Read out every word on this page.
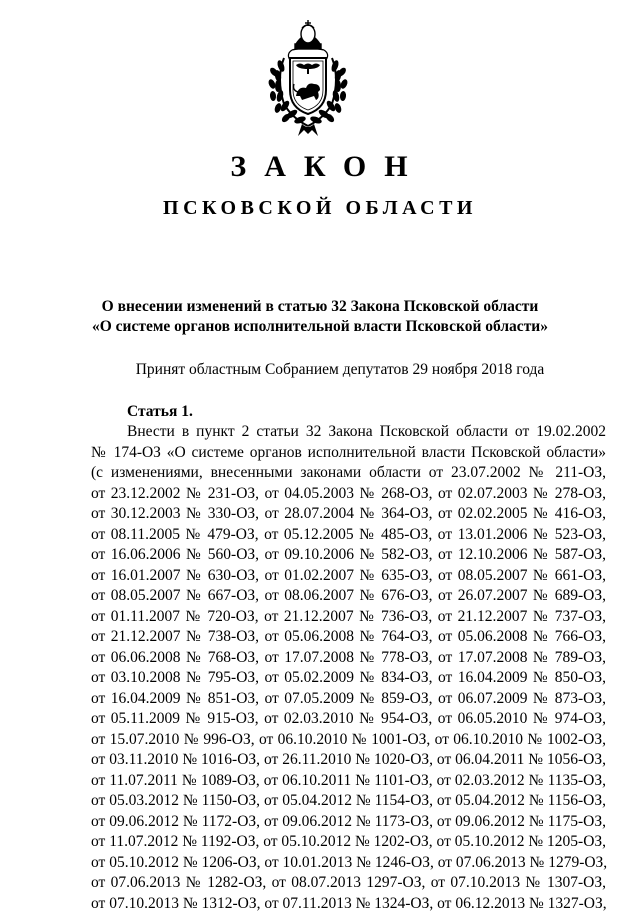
ЗАКОН
ПСКОВСКОЙ ОБЛАСТИ
О внесении изменений в статью 32 Закона Псковской области
«О системе органов исполнительной власти Псковской области»
Принят областным Собранием депутатов 29 ноября 2018 года
Статья 1.
Внести в пункт 2 статьи 32 Закона Псковской области от 19.02.2002
№ 174-ОЗ «О системе органов исполнительной власти Псковской области»
(с изменениями, внесенными законами области от 23.07.2002 № 211-ОЗ,
от 23.12.2002 № 231-ОЗ, от 04.05.2003 № 268-ОЗ, от 02.07.2003 № 278-ОЗ,
от 30.12.2003 № 330-ОЗ, от 28.07.2004 № 364-ОЗ, от 02.02.2005 № 416-ОЗ,
от 08.11.2005 № 479-ОЗ, от 05.12.2005 № 485-ОЗ, от 13.01.2006 № 523-ОЗ,
от 16.06.2006 № 560-ОЗ, от 09.10.2006 № 582-ОЗ, от 12.10.2006 № 587-ОЗ,
от 16.01.2007 № 630-ОЗ, от 01.02.2007 № 635-ОЗ, от 08.05.2007 № 661-ОЗ,
от 08.05.2007 № 667-ОЗ, от 08.06.2007 № 676-ОЗ, от 26.07.2007 № 689-ОЗ,
от 01.11.2007 № 720-ОЗ, от 21.12.2007 № 736-ОЗ, от 21.12.2007 № 737-ОЗ,
от 21.12.2007 № 738-ОЗ, от 05.06.2008 № 764-ОЗ, от 05.06.2008 № 766-ОЗ,
от 06.06.2008 № 768-ОЗ, от 17.07.2008 № 778-ОЗ, от 17.07.2008 № 789-ОЗ,
от 03.10.2008 № 795-ОЗ, от 05.02.2009 № 834-ОЗ, от 16.04.2009 № 850-ОЗ,
от 16.04.2009 № 851-ОЗ, от 07.05.2009 № 859-ОЗ, от 06.07.2009 № 873-ОЗ,
от 05.11.2009 № 915-ОЗ, от 02.03.2010 № 954-ОЗ, от 06.05.2010 № 974-ОЗ,
от 15.07.2010 № 996-ОЗ, от 06.10.2010 № 1001-ОЗ, от 06.10.2010 № 1002-ОЗ,
от 03.11.2010 № 1016-ОЗ, от 26.11.2010 № 1020-ОЗ, от 06.04.2011 № 1056-ОЗ,
от 11.07.2011 № 1089-ОЗ, от 06.10.2011 № 1101-ОЗ, от 02.03.2012 № 1135-ОЗ,
от 05.03.2012 № 1150-ОЗ, от 05.04.2012 № 1154-ОЗ, от 05.04.2012 № 1156-ОЗ,
от 09.06.2012 № 1172-ОЗ, от 09.06.2012 № 1173-ОЗ, от 09.06.2012 № 1175-ОЗ,
от 11.07.2012 № 1192-ОЗ, от 05.10.2012 № 1202-ОЗ, от 05.10.2012 № 1205-ОЗ,
от 05.10.2012 № 1206-ОЗ, от 10.01.2013 № 1246-ОЗ, от 07.06.2013 № 1279-ОЗ,
от 07.06.2013 № 1282-ОЗ, от 08.07.2013 1297-ОЗ, от 07.10.2013 № 1307-ОЗ,
от 07.10.2013 № 1312-ОЗ, от 07.11.2013 № 1324-ОЗ, от 06.12.2013 № 1327-ОЗ,
